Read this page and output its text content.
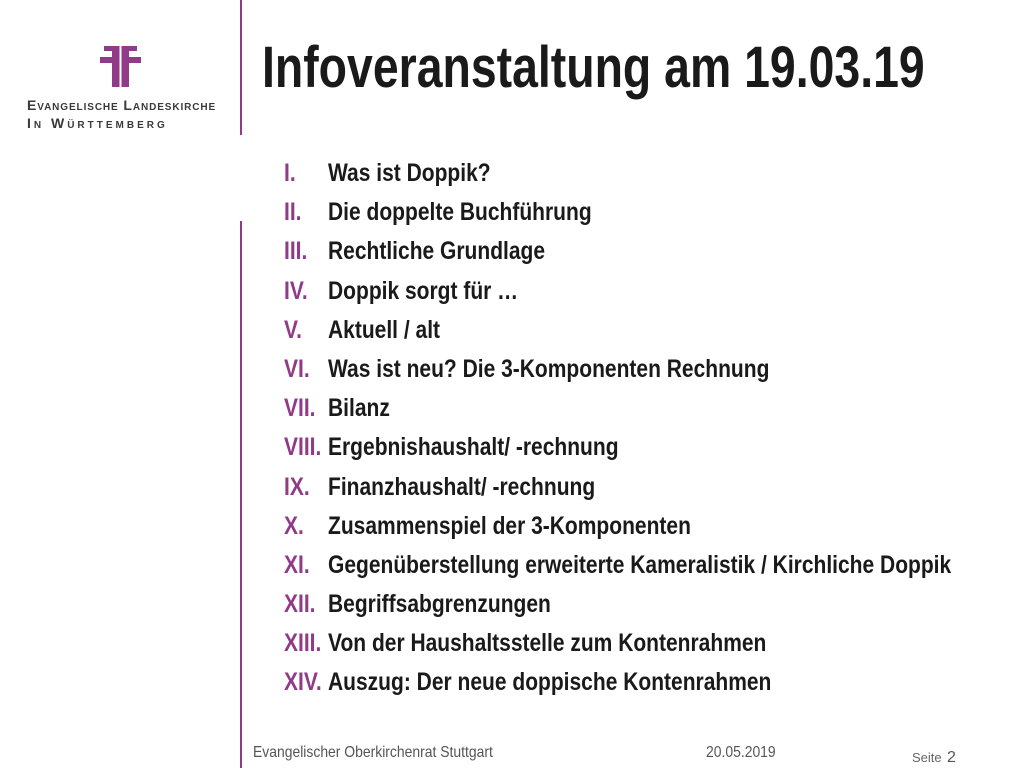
Evangelische Landeskirche
In Württemberg
Infoveranstaltung am 19.03.19
I. Was ist Doppik?
II. Die doppelte Buchführung
III. Rechtliche Grundlage
IV. Doppik sorgt für …
V. Aktuell / alt
VI. Was ist neu? Die 3-Komponenten Rechnung
VII. Bilanz
VIII. Ergebnishaushalt/ -rechnung
IX. Finanzhaushalt/ -rechnung
X. Zusammenspiel der 3-Komponenten
XI. Gegenüberstellung erweiterte Kameralistik / Kirchliche Doppik
XII. Begriffsabgrenzungen
XIII. Von der Haushaltsstelle zum Kontenrahmen
XIV. Auszug: Der neue doppische Kontenrahmen
Evangelischer Oberkirchenrat Stuttgart	20.05.2019	Seite 2
